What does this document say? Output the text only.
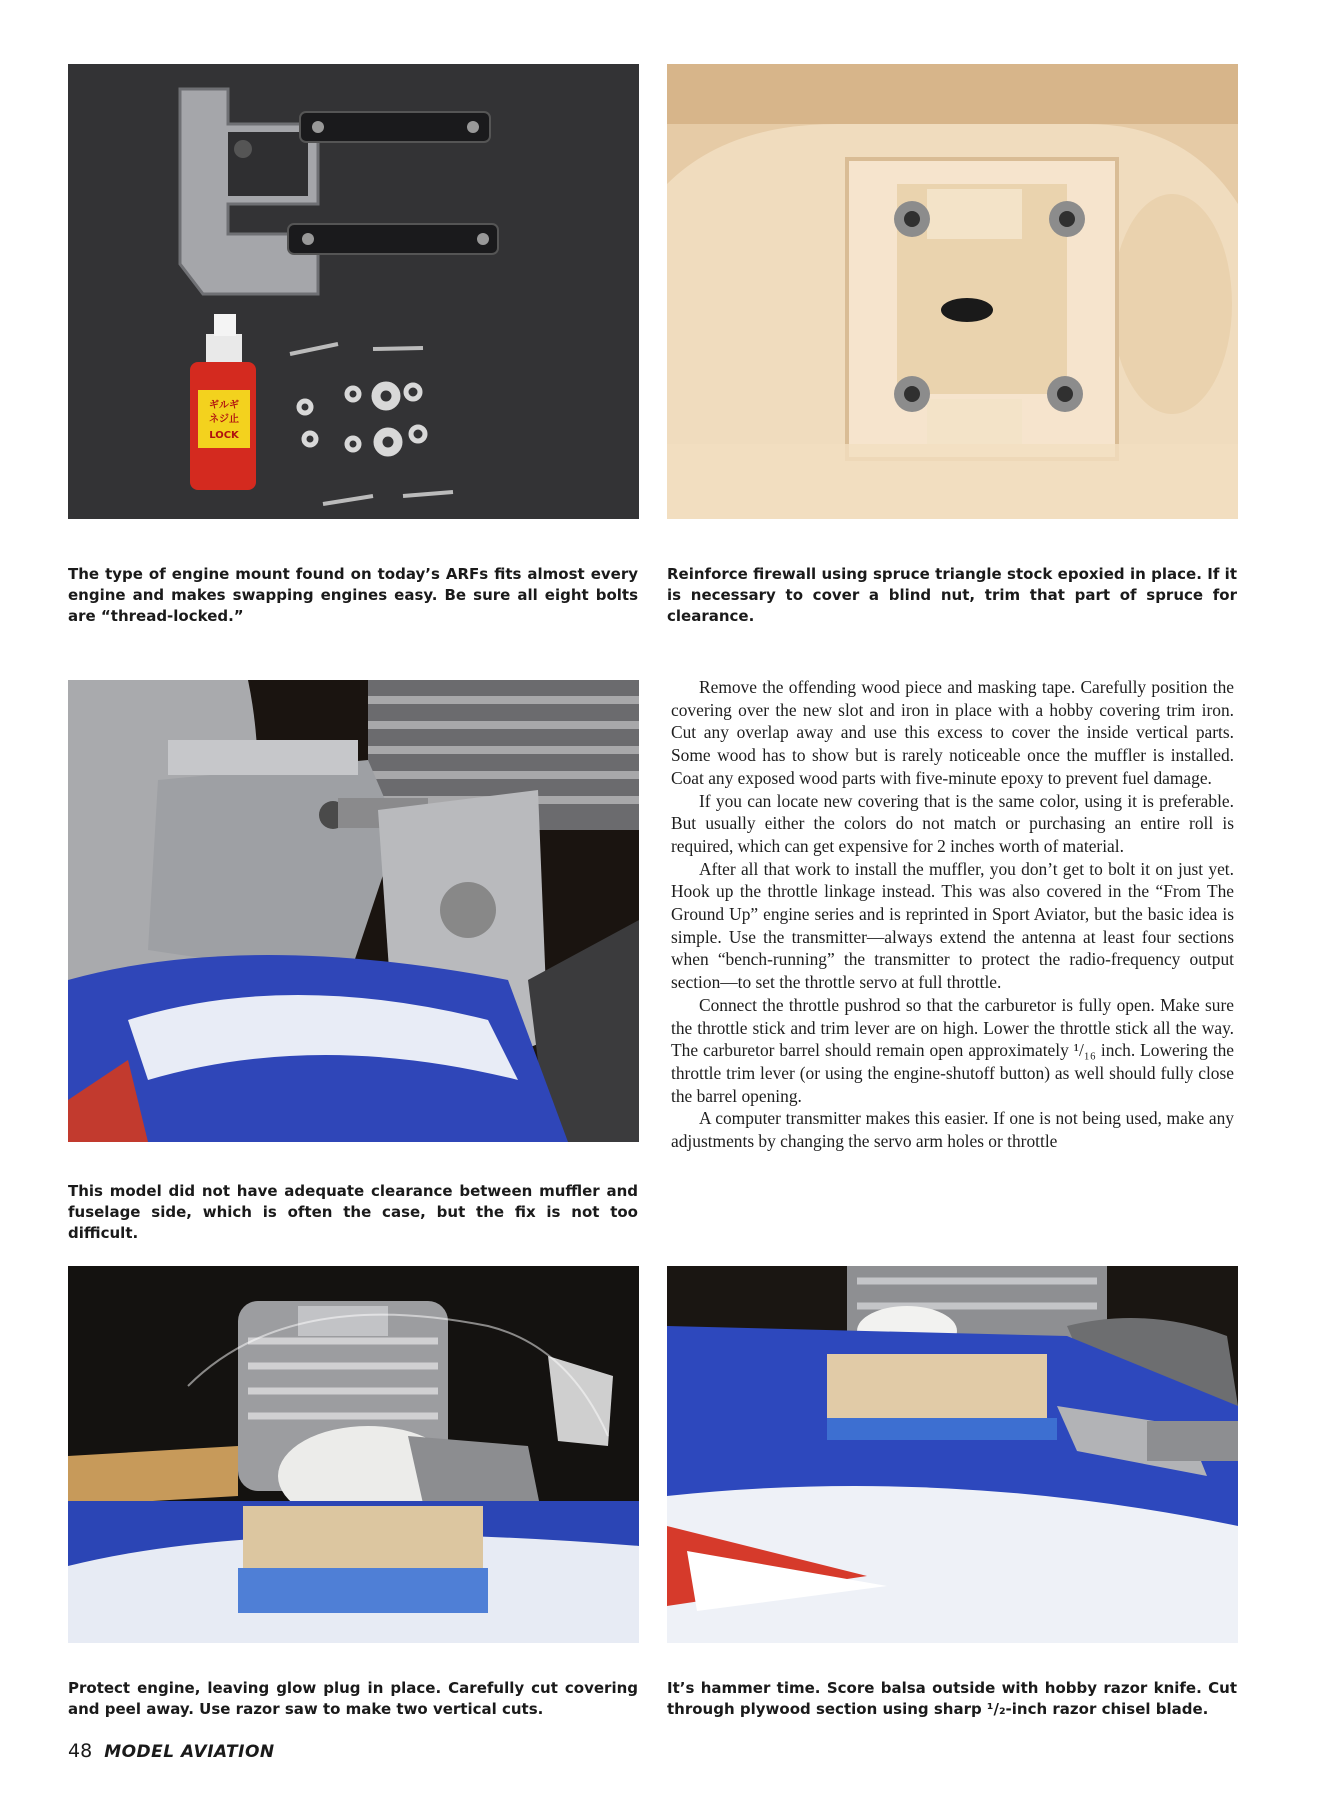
ギルギ
ネジ止
LOCK

The type of engine mount found on today’s ARFs fits almost every engine and makes swapping engines easy. Be sure all eight bolts are “thread-locked.”

Reinforce firewall using spruce triangle stock epoxied in place. If it is necessary to cover a blind nut, trim that part of spruce for clearance.

This model did not have adequate clearance between muffler and fuselage side, which is often the case, but the fix is not too difficult.

Protect engine, leaving glow plug in place. Carefully cut covering and peel away. Use razor saw to make two vertical cuts.

It’s hammer time. Score balsa outside with hobby razor knife. Cut through plywood section using sharp ¹/₂-inch razor chisel blade.

Remove the offending wood piece and masking tape. Carefully position the covering over the new slot and iron in place with a hobby covering trim iron. Cut any overlap away and use this excess to cover the inside vertical parts. Some wood has to show but is rarely noticeable once the muffler is installed. Coat any exposed wood parts with five-minute epoxy to prevent fuel damage.

If you can locate new covering that is the same color, using it is preferable. But usually either the colors do not match or purchasing an entire roll is required, which can get expensive for 2 inches worth of material.

After all that work to install the muffler, you don’t get to bolt it on just yet. Hook up the throttle linkage instead. This was also covered in the “From The Ground Up” engine series and is reprinted in Sport Aviator, but the basic idea is simple. Use the transmitter—always extend the antenna at least four sections when “bench-running” the transmitter to protect the radio-frequency output section—to set the throttle servo at full throttle.

Connect the throttle pushrod so that the carburetor is fully open. Make sure the throttle stick and trim lever are on high. Lower the throttle stick all the way. The carburetor barrel should remain open approximately ¹/₁₆ inch. Lowering the throttle trim lever (or using the engine-shutoff button) as well should fully close the barrel opening.

A computer transmitter makes this easier. If one is not being used, make any adjustments by changing the servo arm holes or throttle

48 MODEL AVIATION
